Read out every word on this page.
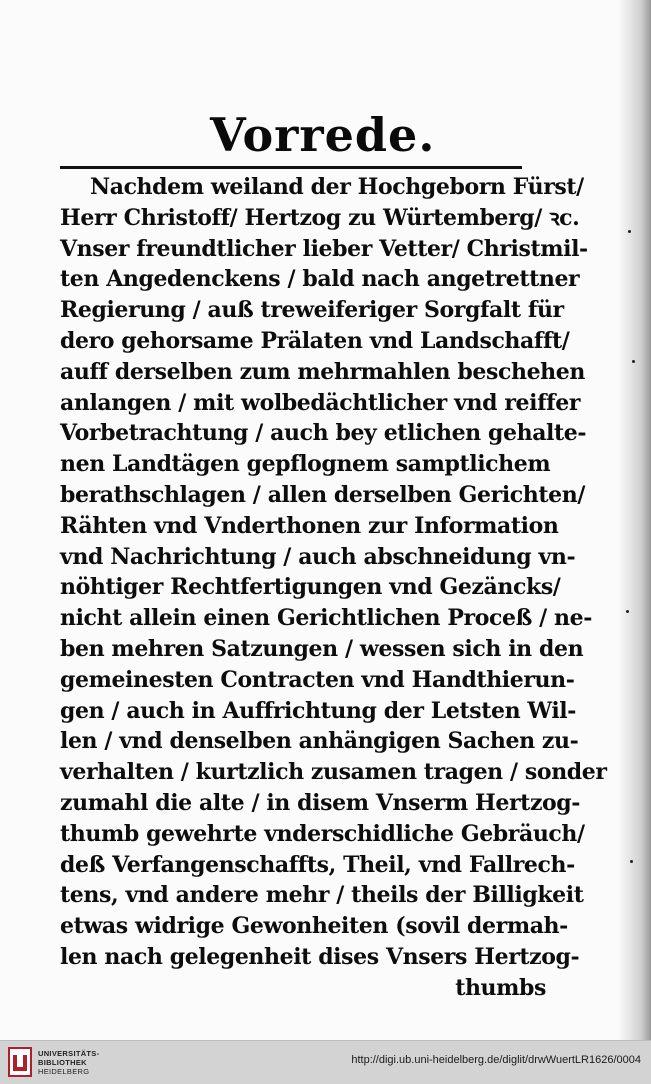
Vorrede.
Nachdem weiland der Hochgeborn Fürst/
Herr Christoff/ Hertzog zu Würtemberg/ ꝛc.
Vnser freundtlicher lieber Vetter/ Christmil-
ten Angedenckens / bald nach angetrettner
Regierung / auß treweiferiger Sorgfalt für
dero gehorsame Prälaten vnd Landschafft/
auff derselben zum mehrmahlen beschehen
anlangen / mit wolbedächtlicher vnd reiffer
Vorbetrachtung / auch bey etlichen gehalte-
nen Landtägen gepflognem samptlichem
berathschlagen / allen derselben Gerichten/
Rähten vnd Vnderthonen zur Information
vnd Nachrichtung / auch abschneidung vn-
nöhtiger Rechtfertigungen vnd Gezäncks/
nicht allein einen Gerichtlichen Proceß / ne-
ben mehren Satzungen / wessen sich in den
gemeinesten Contracten vnd Handthierun-
gen / auch in Auffrichtung der Letsten Wil-
len / vnd denselben anhängigen Sachen zu-
verhalten / kurtzlich zusamen tragen / sonder
zumahl die alte / in disem Vnserm Hertzog-
thumb gewehrte vnderschidliche Gebräuch/
deß Verfangenschaffts, Theil, vnd Fallrech-
tens, vnd andere mehr / theils der Billigkeit
etwas widrige Gewonheiten (sovil dermah-
len nach gelegenheit dises Vnsers Hertzog-
thumbs
UNIVERSITÄTS-
BIBLIOTHEK
HEIDELBERG
http://digi.ub.uni-heidelberg.de/diglit/drwWuertLR1626/0004
